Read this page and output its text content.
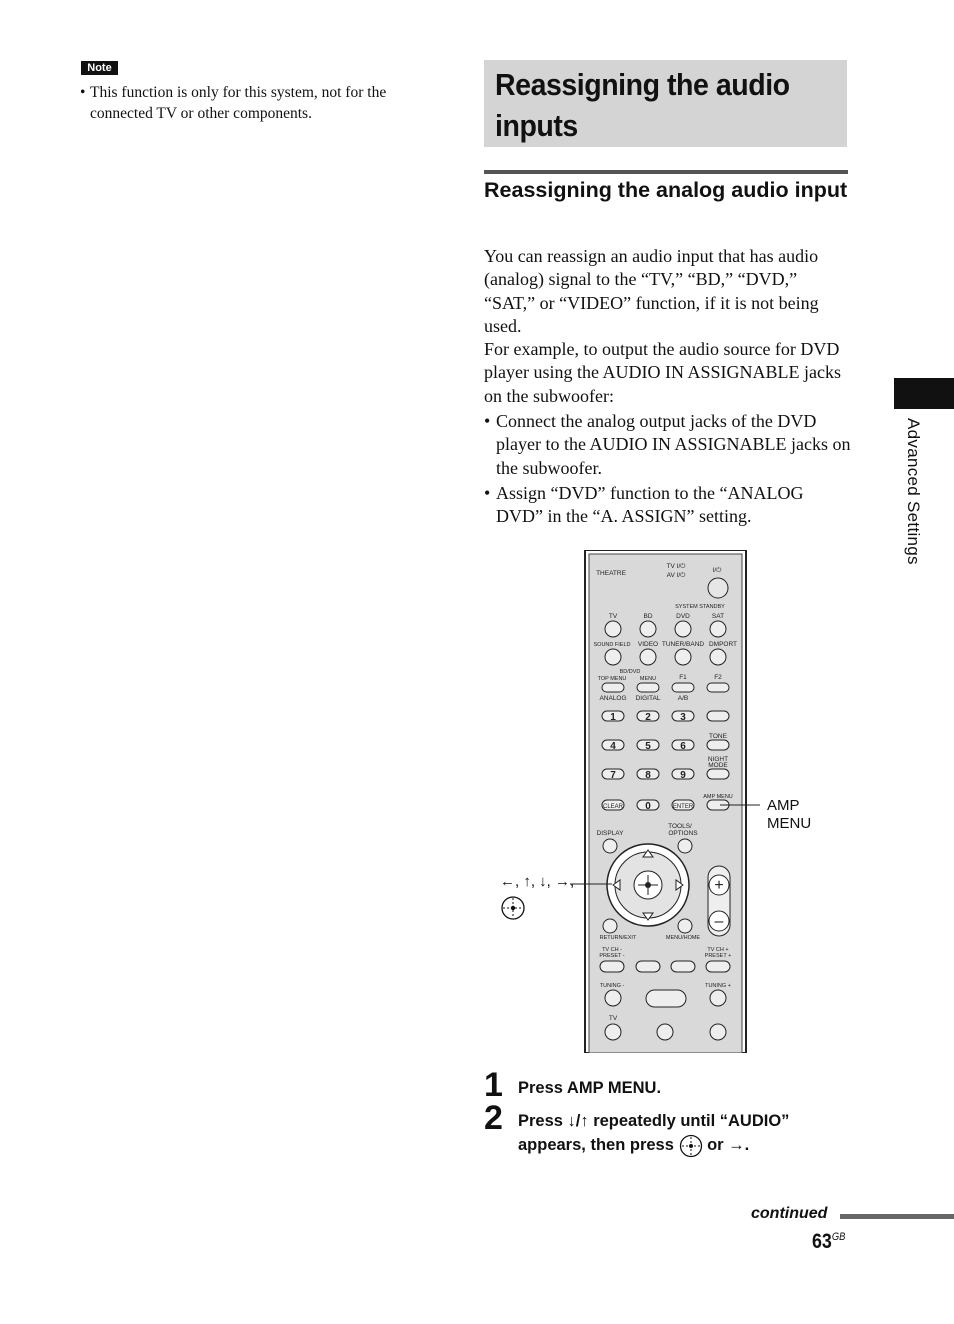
Note
• This function is only for this system, not for the connected TV or other components.
Reassigning the audio
inputs
Reassigning the analog audio input

You can reassign an audio input that has audio (analog) signal to the “TV,” “BD,” “DVD,” “SAT,” or “VIDEO” function, if it is not being used.

For example, to output the audio source for DVD player using the AUDIO IN ASSIGNABLE jacks on the subwoofer:

• Connect the analog output jacks of the DVD player to the AUDIO IN ASSIGNABLE jacks on the subwoofer.
• Assign “DVD” function to the “ANALOG DVD” in the “A. ASSIGN” setting.	Advanced Settings
THEATRE
TV I/⏻
AV I/⏻
I/⏻
SYSTEM STANDBY
TV	BD	DVD	SAT
SOUND FIELD VIDEO TUNER/BAND DMPORT
BD/DVD
TOP MENU MENU	F1	F2
ANALOG DIGITAL	A/B
1	2	3
4	5	6
7	8	9
CLEAR 0	ENTER
TONE
NIGHT
MODE
AMP MENU
DISPLAY
TOOLS/
OPTIONS
+
–
RETURN/EXIT	MENU/HOME
TV CH -
PRESET -
TV CH +
PRESET +
TUNING -	TUNING +
TV
AMP
MENU
←, ↑, ↓, →,
1 Press AMP MENU.
2 Press ↓/↑ repeatedly until “AUDIO”
appears, then press or →.
continued
$63^{GB}$
